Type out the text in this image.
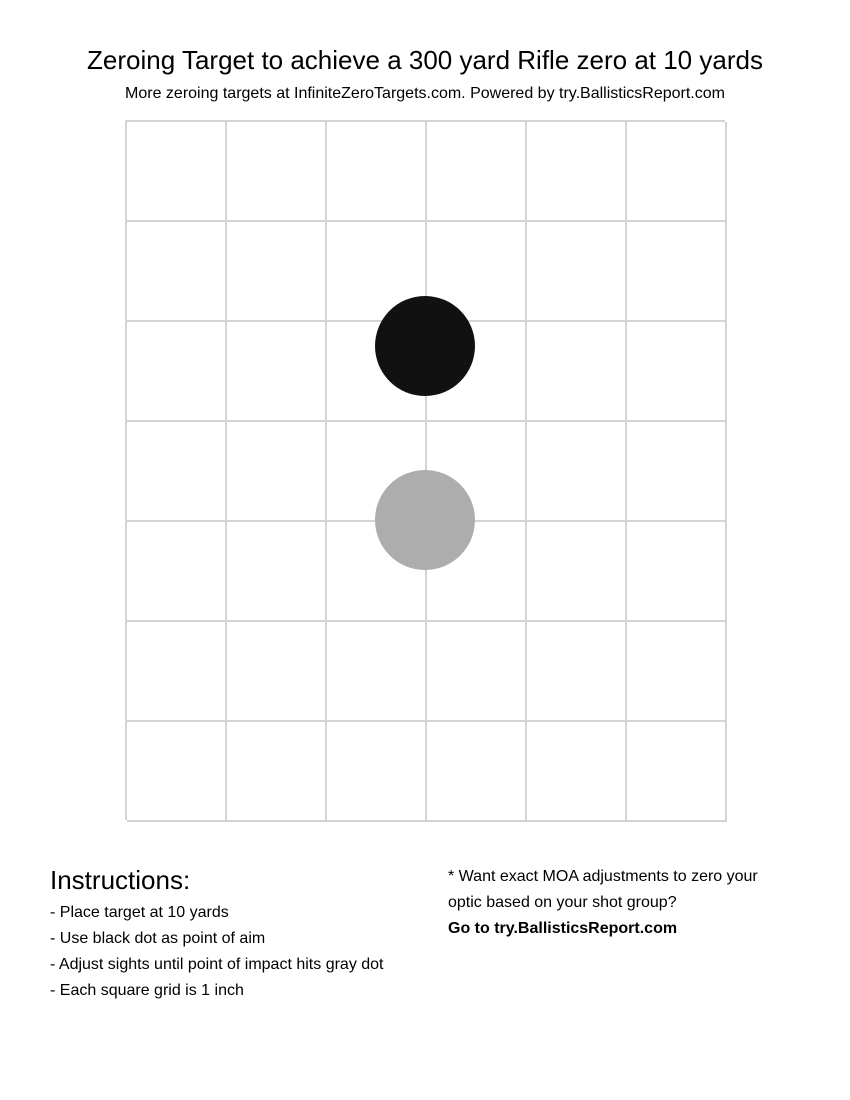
Zeroing Target to achieve a 300 yard Rifle zero at 10 yards
More zeroing targets at InfiniteZeroTargets.com. Powered by try.BallisticsReport.com
Instructions:
- Place target at 10 yards
- Use black dot as point of aim
- Adjust sights until point of impact hits gray dot
- Each square grid is 1 inch
* Want exact MOA adjustments to zero your optic based on your shot group?
Go to try.BallisticsReport.com
